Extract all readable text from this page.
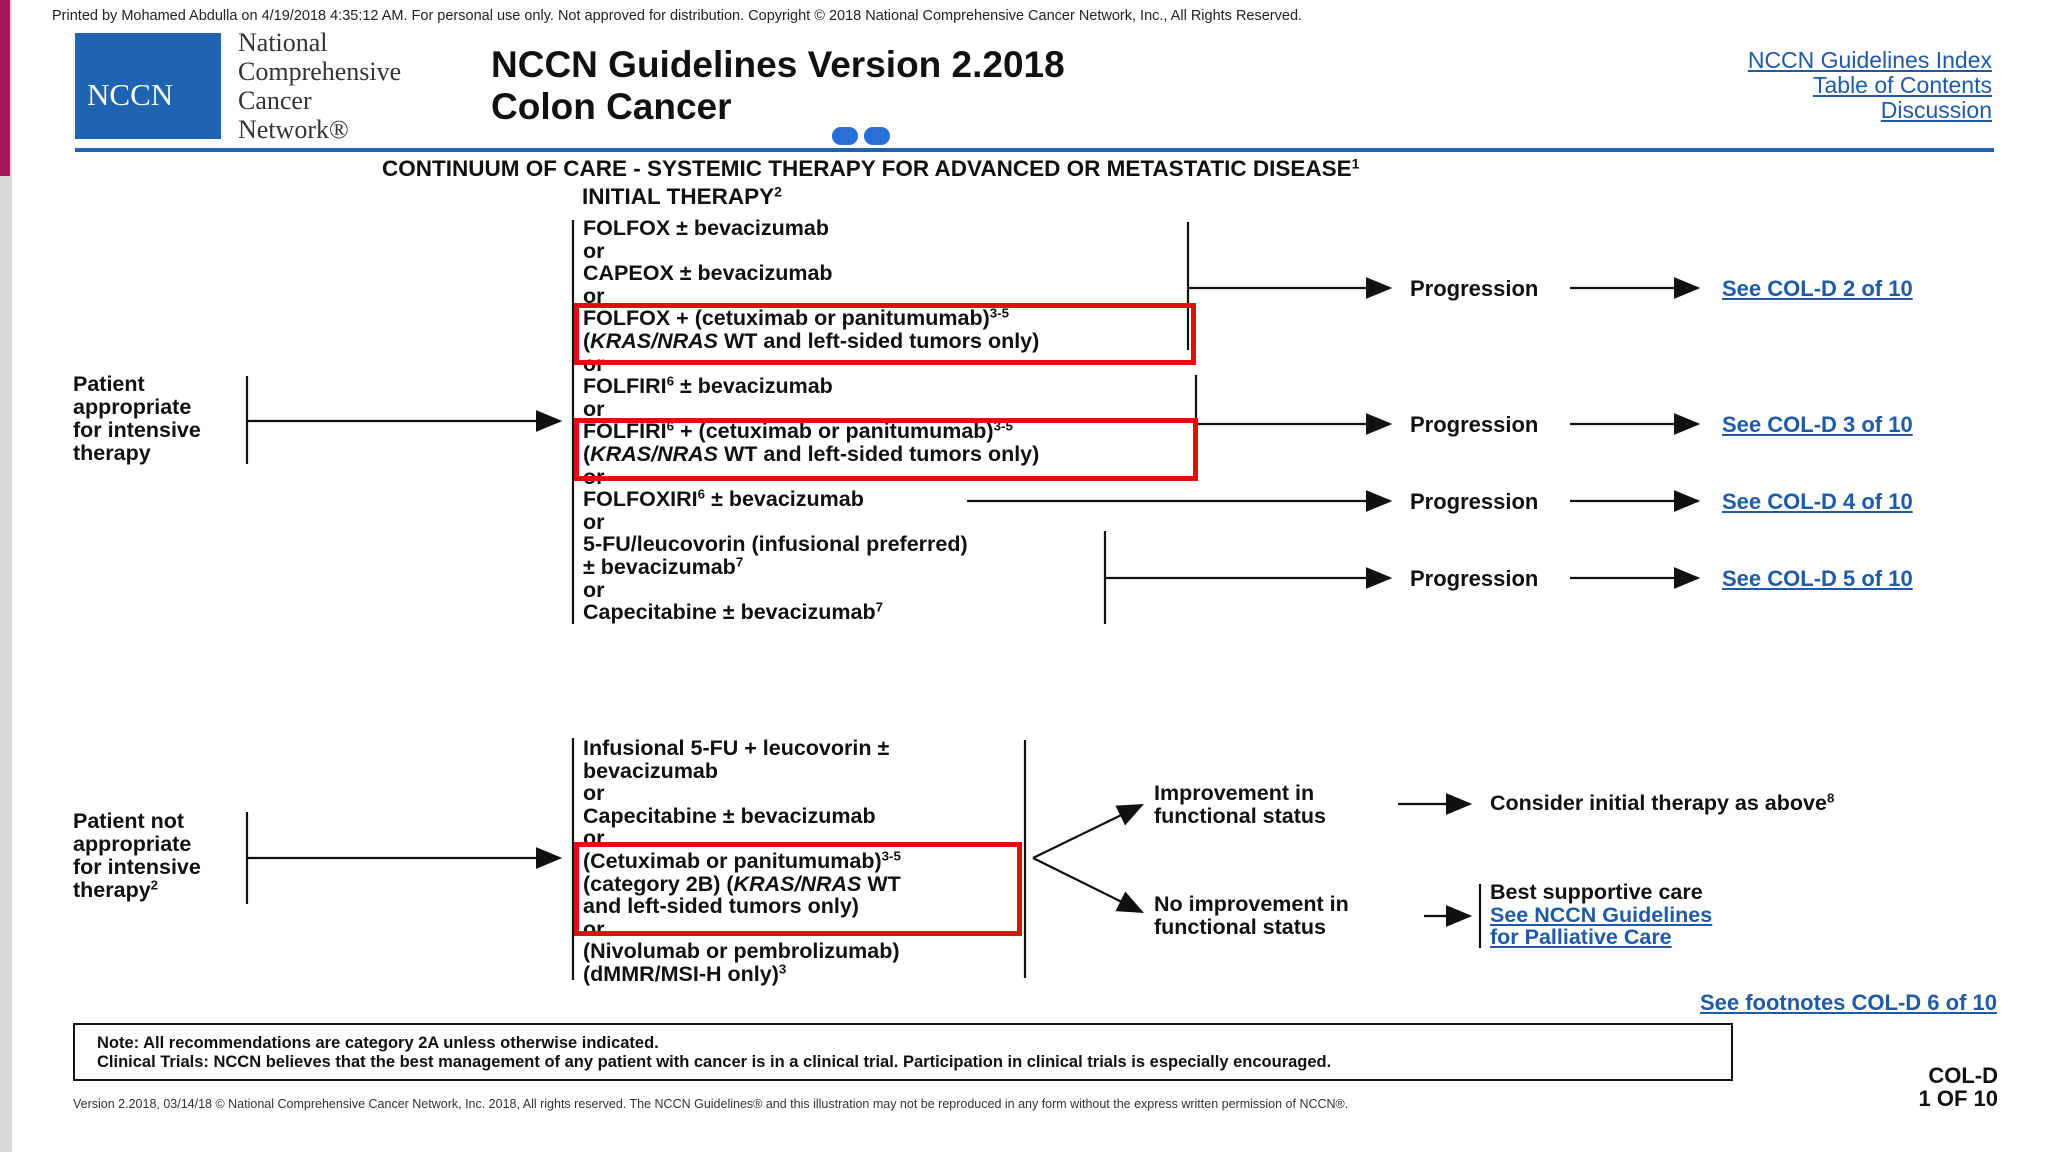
Printed by Mohamed Abdulla on 4/19/2018 4:35:12 AM. For personal use only. Not approved for distribution. Copyright © 2018 National Comprehensive Cancer Network, Inc., All Rights Reserved.
NCCN
National
Comprehensive
Cancer
Network®
NCCN Guidelines Version 2.2018
Colon Cancer
NCCN Guidelines Index
Table of Contents
Discussion
CONTINUUM OF CARE - SYSTEMIC THERAPY FOR ADVANCED OR METASTATIC DISEASE$^1$
INITIAL THERAPY$^2$
Patient
appropriate
for intensive
therapy
Patient not
appropriate
for intensive
therapy$^2$
FOLFOX ± bevacizumab
or
CAPEOX ± bevacizumab
or
FOLFOX + (cetuximab or panitumumab)$^{3-5}$
(KRAS/NRAS WT and left-sided tumors only)
or
$FOLFIRI^6$ ± bevacizumab
or
$FOLFIRI^6$ + (cetuximab or panitumumab)$^{3-5}$
(KRAS/NRAS WT and left-sided tumors only)
or
$FOLFOXIRI^6$ ± bevacizumab
or
5-FU/leucovorin (infusional preferred)
± bevacizumab$^7$
or
Capecitabine ± bevacizumab$^7$
Progression
Progression
Progression
Progression
See COL-D 2 of 10
See COL-D 3 of 10
See COL-D 4 of 10
See COL-D 5 of 10
Infusional 5-FU + leucovorin ±
bevacizumab
or
Capecitabine ± bevacizumab
or
(Cetuximab or panitumumab)$^{3-5}$
(category 2B) (KRAS/NRAS WT
and left-sided tumors only)
or
(Nivolumab or pembrolizumab)
(dMMR/MSI-H only)$^3$
Improvement in
functional status
No improvement in
functional status
Consider initial therapy as above$^8$
Best supportive care
See NCCN Guidelines
for Palliative Care
See footnotes COL-D 6 of 10
Note: All recommendations are category 2A unless otherwise indicated.
Clinical Trials: NCCN believes that the best management of any patient with cancer is in a clinical trial. Participation in clinical trials is especially encouraged.
COL-D
1 OF 10
Version 2.2018, 03/14/18 © National Comprehensive Cancer Network, Inc. 2018, All rights reserved. The NCCN Guidelines® and this illustration may not be reproduced in any form without the express written permission of NCCN®.
